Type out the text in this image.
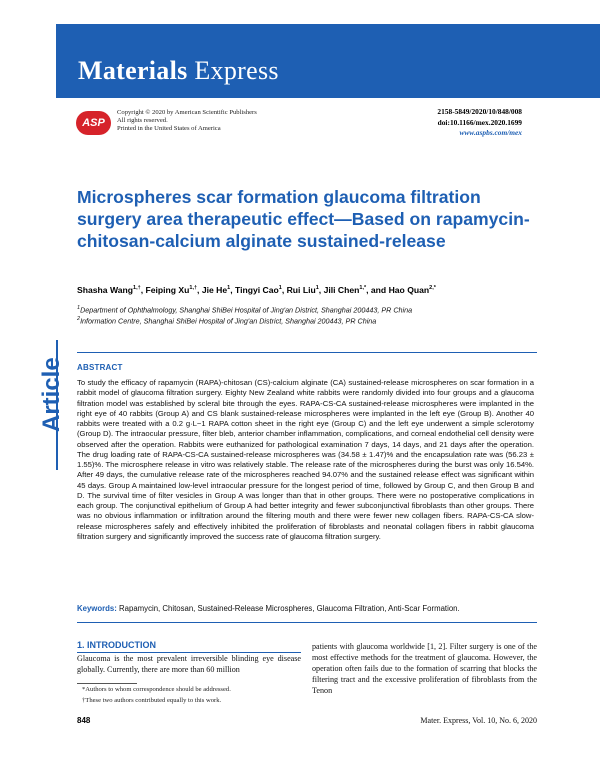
Materials Express
ASP
Copyright © 2020 by American Scientific Publishers
All rights reserved.
Printed in the United States of America
2158-5849/2020/10/848/008
doi:10.1166/mex.2020.1699
www.aspbs.com/mex
Article
Microspheres scar formation glaucoma filtration surgery area therapeutic effect—Based on rapamycin-chitosan-calcium alginate sustained-release
Shasha Wang$^{1,\dagger}$, Feiping $Xu^{1,\dagger}$, Jie He$^1$, Tingyi Cao$^1$, Rui Liu$^1$, Jili Chen$^{1,*}$, and Hao Quan$^{2,*}$
$^1$Department of Ophthalmology, Shanghai ShiBei Hospital of Jing'an District, Shanghai 200443, PR China
$^2$Information Centre, Shanghai ShiBei Hospital of Jing'an District, Shanghai 200443, PR China
ABSTRACT

To study the efficacy of rapamycin (RAPA)-chitosan (CS)-calcium alginate (CA) sustained-release microspheres on scar formation in a rabbit model of glaucoma filtration surgery. Eighty New Zealand white rabbits were randomly divided into four groups and a glaucoma filtration model was established by scleral bite through the eyes. RAPA-CS-CA sustained-release microspheres were implanted in the right eye of 40 rabbits (Group A) and CS blank sustained-release microspheres were implanted in the left eye (Group B). Another 40 rabbits were treated with a 0.2 g·L−1 RAPA cotton sheet in the right eye (Group C) and the left eye underwent a simple sclerotomy (Group D). The intraocular pressure, filter bleb, anterior chamber inflammation, complications, and corneal endothelial cell density were observed after the operation. Rabbits were euthanized for pathological examination 7 days, 14 days, and 21 days after the operation. The drug loading rate of RAPA-CS-CA sustained-release microspheres was (34.58 ± 1.47)% and the encapsulation rate was (56.23 ± 1.55)%. The microsphere release in vitro was relatively stable. The release rate of the microspheres during the burst was only 16.54%. After 49 days, the cumulative release rate of the microspheres reached 94.07% and the sustained release effect was significant within 45 days. Group A maintained low-level intraocular pressure for the longest period of time, followed by Group C, and then Group B and D. The survival time of filter vesicles in Group A was longer than that in other groups. There were no postoperative complications in each group. The conjunctival epithelium of Group A had better integrity and fewer subconjunctival fibroblasts than other groups. There was no obvious inflammation or infiltration around the filtering mouth and there were fewer new collagen fibers. RAPA-CS-CA slow-release microspheres safely and effectively inhibited the proliferation of fibroblasts and neonatal collagen fibers in rabbit glaucoma filtration surgery and significantly improved the success rate of glaucoma filtration surgery.

Keywords: Rapamycin, Chitosan, Sustained-Release Microspheres, Glaucoma Filtration, Anti-Scar Formation.
1. INTRODUCTION

Glaucoma is the most prevalent irreversible blinding eye disease globally. Currently, there are more than 60 million

patients with glaucoma worldwide [1, 2]. Filter surgery is one of the most effective methods for the treatment of glaucoma. However, the operation often fails due to the formation of scarring that blocks the filtering tract and the excessive proliferation of fibroblasts from the Tenon

*Authors to whom correspondence should be addressed.
†These two authors contributed equally to this work.
848	Mater. Express, Vol. 10, No. 6, 2020
